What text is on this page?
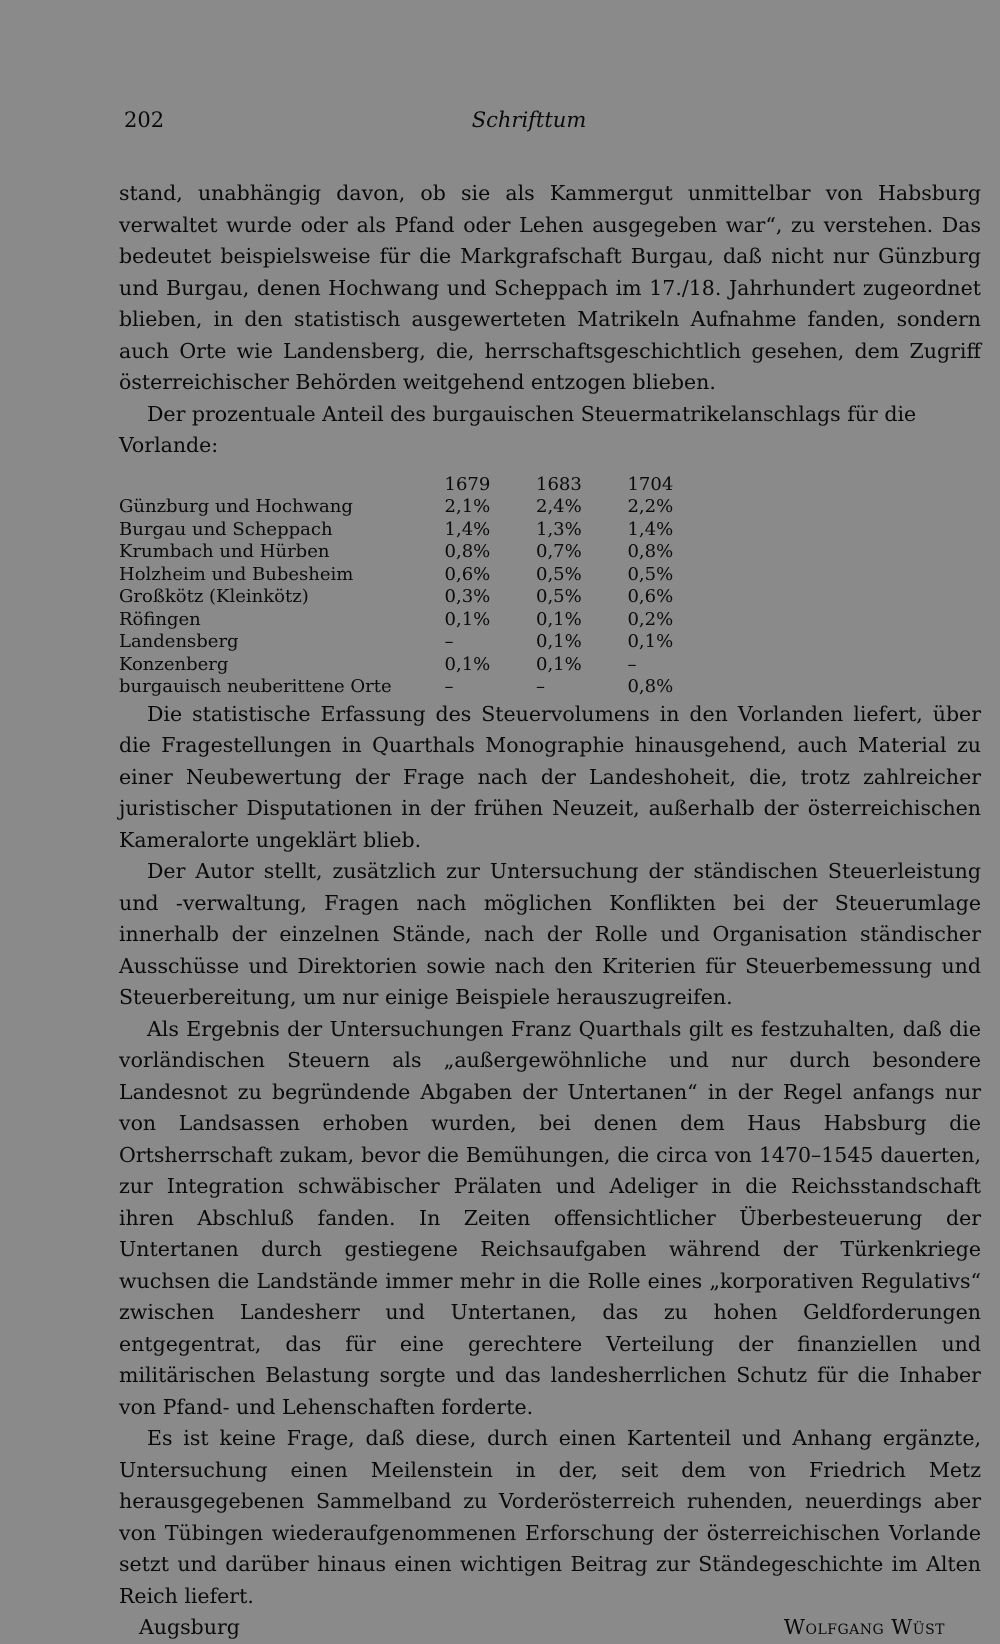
202	Schrifttum

stand, unabhängig davon, ob sie als Kammergut unmittelbar von Habsburg verwaltet wurde oder als Pfand oder Lehen ausgegeben war“, zu verstehen. Das bedeutet beispielsweise für die Markgrafschaft Burgau, daß nicht nur Günzburg und Burgau, denen Hochwang und Scheppach im 17./18. Jahrhundert zugeordnet blieben, in den statistisch ausgewerteten Matrikeln Aufnahme fanden, sondern auch Orte wie Landensberg, die, herrschaftsgeschichtlich gesehen, dem Zugriff österreichischer Behörden weitgehend entzogen blieben.

Der prozentuale Anteil des burgauischen Steuermatrikelanschlags für die Vorlande:

	1679	1683	1704
Günzburg und Hochwang	2,1%	2,4%	2,2%
Burgau und Scheppach	1,4%	1,3%	1,4%
Krumbach und Hürben	0,8%	0,7%	0,8%
Holzheim und Bubesheim	0,6%	0,5%	0,5%
Großkötz (Kleinkötz)	0,3%	0,5%	0,6%
Röfingen	0,1%	0,1%	0,2%
Landensberg	–	0,1%	0,1%
Konzenberg	0,1%	0,1%	–
burgauisch neuberittene Orte	–	–	0,8%

Die statistische Erfassung des Steuervolumens in den Vorlanden liefert, über die Fragestellungen in Quarthals Monographie hinausgehend, auch Material zu einer Neubewertung der Frage nach der Landeshoheit, die, trotz zahlreicher juristischer Disputationen in der frühen Neuzeit, außerhalb der österreichischen Kameralorte ungeklärt blieb.

Der Autor stellt, zusätzlich zur Untersuchung der ständischen Steuerleistung und -verwaltung, Fragen nach möglichen Konflikten bei der Steuerumlage innerhalb der einzelnen Stände, nach der Rolle und Organisation ständischer Ausschüsse und Direktorien sowie nach den Kriterien für Steuerbemessung und Steuerbereitung, um nur einige Beispiele herauszugreifen.

Als Ergebnis der Untersuchungen Franz Quarthals gilt es festzuhalten, daß die vorländischen Steuern als „außergewöhnliche und nur durch besondere Landesnot zu begründende Abgaben der Untertanen“ in der Regel anfangs nur von Landsassen erhoben wurden, bei denen dem Haus Habsburg die Ortsherrschaft zukam, bevor die Bemühungen, die circa von 1470–1545 dauerten, zur Integration schwäbischer Prälaten und Adeliger in die Reichsstandschaft ihren Abschluß fanden. In Zeiten offensichtlicher Überbesteuerung der Untertanen durch gestiegene Reichsaufgaben während der Türkenkriege wuchsen die Landstände immer mehr in die Rolle eines „korporativen Regulativs“ zwischen Landesherr und Untertanen, das zu hohen Geldforderungen entgegentrat, das für eine gerechtere Verteilung der finanziellen und militärischen Belastung sorgte und das landesherrlichen Schutz für die Inhaber von Pfand- und Lehenschaften forderte.

Es ist keine Frage, daß diese, durch einen Kartenteil und Anhang ergänzte, Untersuchung einen Meilenstein in der, seit dem von Friedrich Metz herausgegebenen Sammelband zu Vorderösterreich ruhenden, neuerdings aber von Tübingen wiederaufgenommenen Erforschung der österreichischen Vorlande setzt und darüber hinaus einen wichtigen Beitrag zur Ständegeschichte im Alten Reich liefert.

Augsburg	Wolfgang Wüst
